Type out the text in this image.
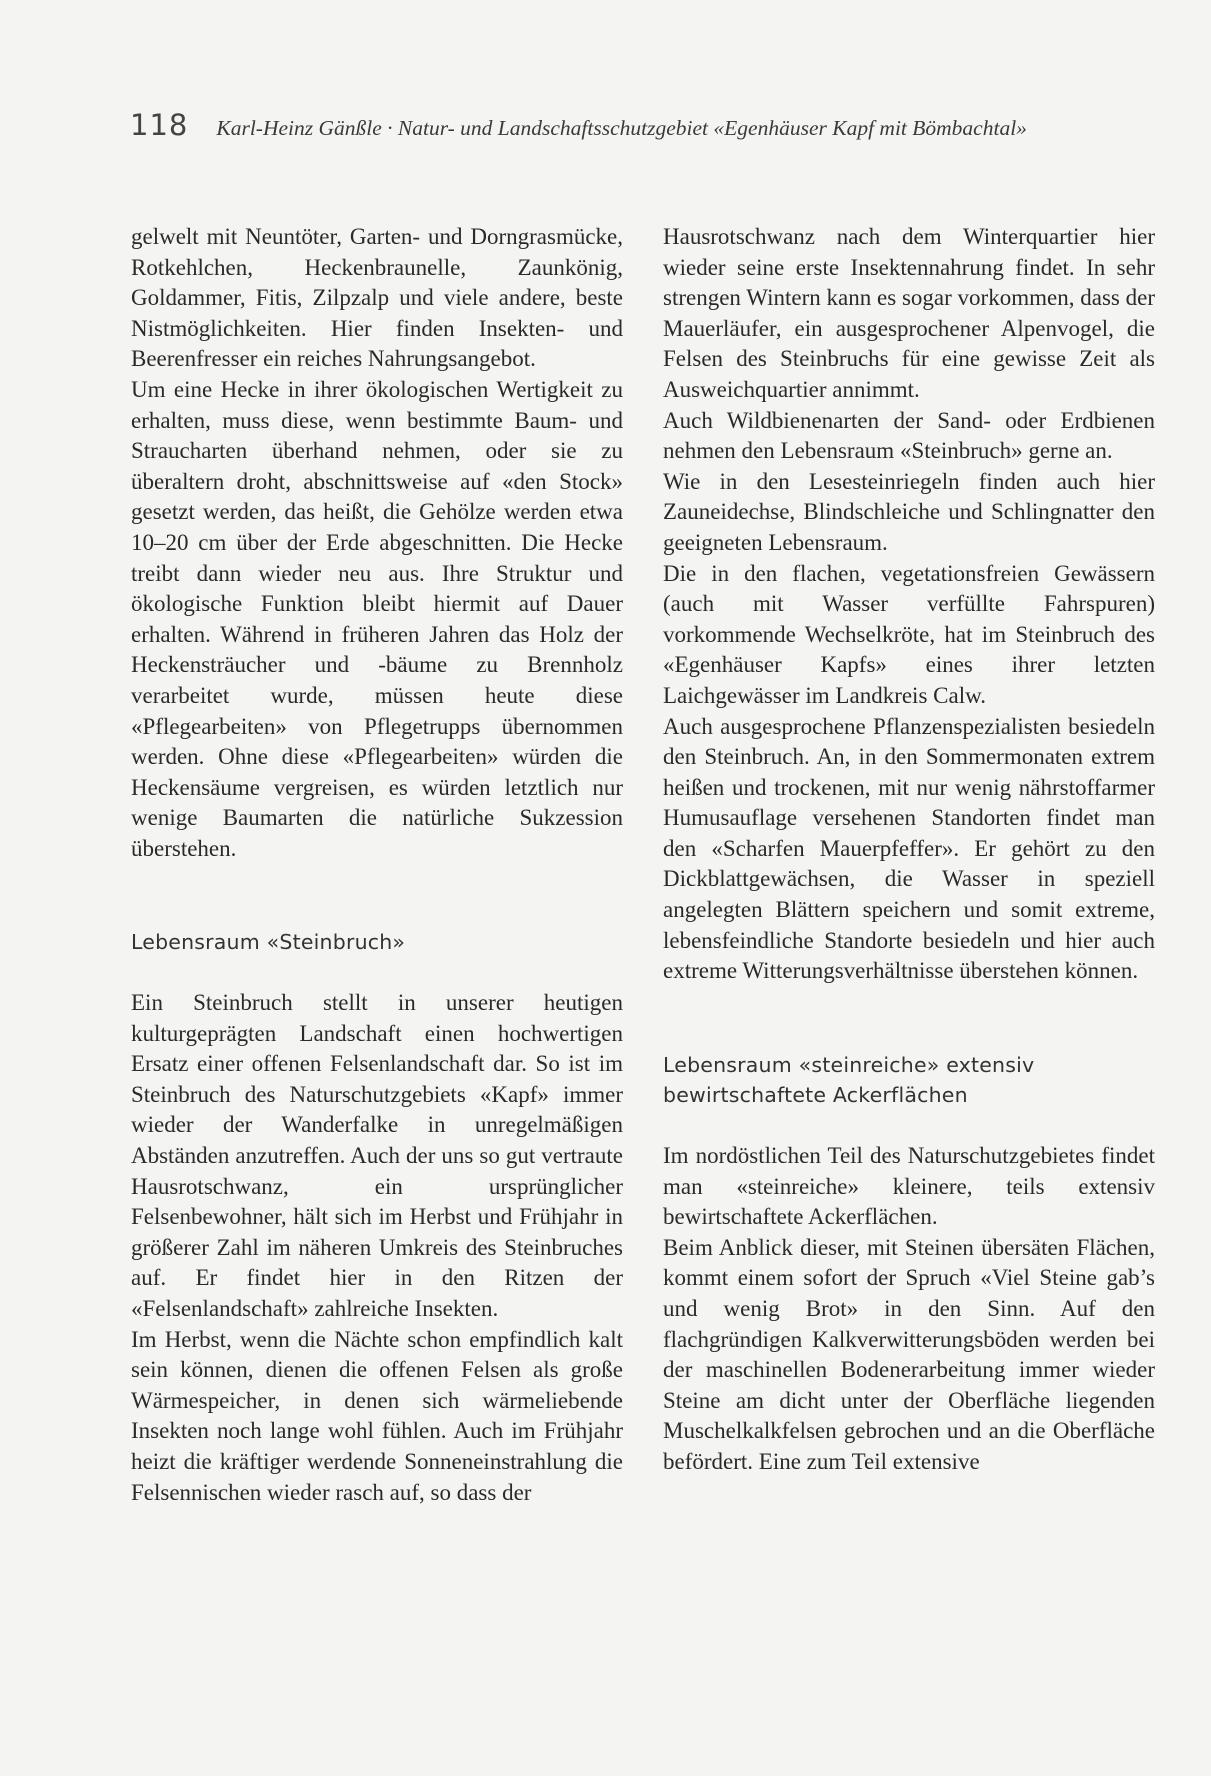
118 Karl-Heinz Gänßle · Natur- und Landschaftsschutzgebiet «Egenhäuser Kapf mit Bömbachtal»

gelwelt mit Neuntöter, Garten- und Dorngrasmücke, Rotkehlchen, Heckenbraunelle, Zaunkönig, Goldammer, Fitis, Zilpzalp und viele andere, beste Nistmöglichkeiten. Hier finden Insekten- und Beerenfresser ein reiches Nahrungsangebot.

Um eine Hecke in ihrer ökologischen Wertigkeit zu erhalten, muss diese, wenn bestimmte Baum- und Straucharten überhand nehmen, oder sie zu überaltern droht, abschnittsweise auf «den Stock» gesetzt werden, das heißt, die Gehölze werden etwa 10–20 cm über der Erde abgeschnitten. Die Hecke treibt dann wieder neu aus. Ihre Struktur und ökologische Funktion bleibt hiermit auf Dauer erhalten. Während in früheren Jahren das Holz der Heckensträucher und -bäume zu Brennholz verarbeitet wurde, müssen heute diese «Pflegearbeiten» von Pflegetrupps übernommen werden. Ohne diese «Pflegearbeiten» würden die Heckensäume vergreisen, es würden letztlich nur wenige Baumarten die natürliche Sukzession überstehen.

Lebensraum «Steinbruch»

Ein Steinbruch stellt in unserer heutigen kulturgeprägten Landschaft einen hochwertigen Ersatz einer offenen Felsenlandschaft dar. So ist im Steinbruch des Naturschutzgebiets «Kapf» immer wieder der Wanderfalke in unregelmäßigen Abständen anzutreffen. Auch der uns so gut vertraute Hausrotschwanz, ein ursprünglicher Felsenbewohner, hält sich im Herbst und Frühjahr in größerer Zahl im näheren Umkreis des Steinbruches auf. Er findet hier in den Ritzen der «Felsenlandschaft» zahlreiche Insekten.

Im Herbst, wenn die Nächte schon empfindlich kalt sein können, dienen die offenen Felsen als große Wärmespeicher, in denen sich wärmeliebende Insekten noch lange wohl fühlen. Auch im Frühjahr heizt die kräftiger werdende Sonneneinstrahlung die Felsennischen wieder rasch auf, so dass der

Hausrotschwanz nach dem Winterquartier hier wieder seine erste Insektennahrung findet. In sehr strengen Wintern kann es sogar vorkommen, dass der Mauerläufer, ein ausgesprochener Alpenvogel, die Felsen des Steinbruchs für eine gewisse Zeit als Ausweichquartier annimmt.

Auch Wildbienenarten der Sand- oder Erdbienen nehmen den Lebensraum «Steinbruch» gerne an.

Wie in den Lesesteinriegeln finden auch hier Zauneidechse, Blindschleiche und Schlingnatter den geeigneten Lebensraum.

Die in den flachen, vegetationsfreien Gewässern (auch mit Wasser verfüllte Fahrspuren) vorkommende Wechselkröte, hat im Steinbruch des «Egenhäuser Kapfs» eines ihrer letzten Laichgewässer im Landkreis Calw.

Auch ausgesprochene Pflanzenspezialisten besiedeln den Steinbruch. An, in den Sommermonaten extrem heißen und trockenen, mit nur wenig nährstoffarmer Humusauflage versehenen Standorten findet man den «Scharfen Mauerpfeffer». Er gehört zu den Dickblattgewächsen, die Wasser in speziell angelegten Blättern speichern und somit extreme, lebensfeindliche Standorte besiedeln und hier auch extreme Witterungsverhältnisse überstehen können.

Lebensraum «steinreiche» extensiv
bewirtschaftete Ackerflächen

Im nordöstlichen Teil des Naturschutzgebietes findet man «steinreiche» kleinere, teils extensiv bewirtschaftete Ackerflächen.

Beim Anblick dieser, mit Steinen übersäten Flächen, kommt einem sofort der Spruch «Viel Steine gab’s und wenig Brot» in den Sinn. Auf den flachgründigen Kalkverwitterungsböden werden bei der maschinellen Bodenerarbeitung immer wieder Steine am dicht unter der Oberfläche liegenden Muschelkalkfelsen gebrochen und an die Oberfläche befördert. Eine zum Teil extensive
